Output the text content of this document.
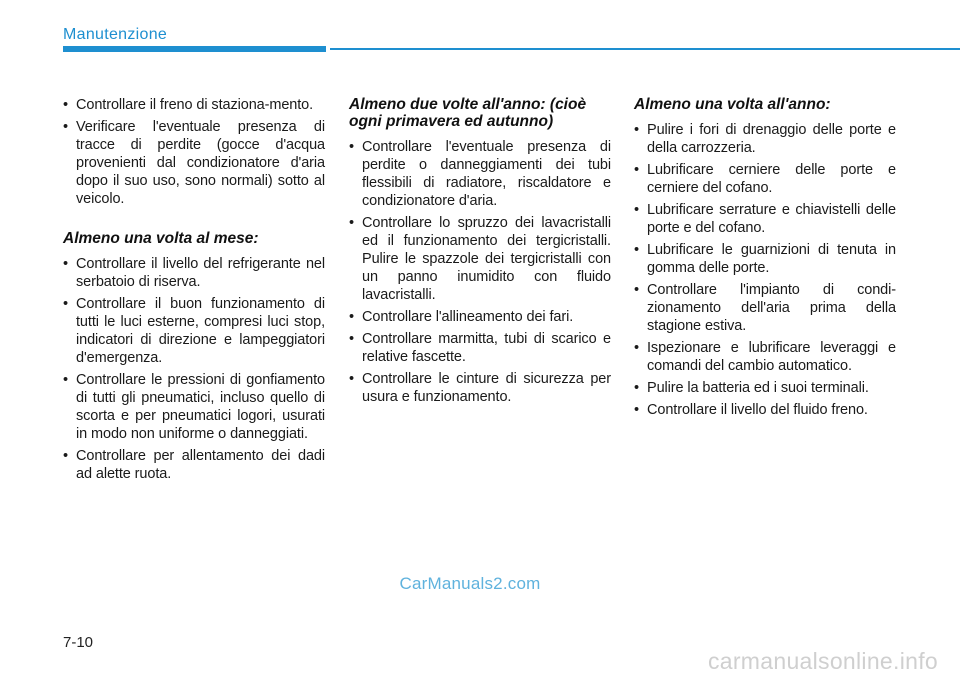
Manutenzione
• Controllare il freno di staziona-mento.
• Verificare l'eventuale presenza di tracce di perdite (gocce d'acqua provenienti dal condizionatore d'aria dopo il suo uso, sono normali) sotto al veicolo.
Almeno una volta al mese:
• Controllare il livello del refrigerante nel serbatoio di riserva.
• Controllare il buon funzionamento di tutti le luci esterne, compresi luci stop, indicatori di direzione e lampeggiatori d'emergenza.
• Controllare le pressioni di gonfiamento di tutti gli pneumatici, incluso quello di scorta e per pneumatici logori, usurati in modo non uniforme o danneggiati.
• Controllare per allentamento dei dadi ad alette ruota.
Almeno due volte all'anno: (cioè ogni primavera ed autunno)
• Controllare l'eventuale presenza di perdite o danneggiamenti dei tubi flessibili di radiatore, riscaldatore e condizionatore d'aria.
• Controllare lo spruzzo dei lavacristalli ed il funzionamento dei tergicristalli. Pulire le spazzole dei tergicristalli con un panno inumidito con fluido lavacristalli.
• Controllare l'allineamento dei fari.
• Controllare marmitta, tubi di scarico e relative fascette.
• Controllare le cinture di sicurezza per usura e funzionamento.
Almeno una volta all'anno:
• Pulire i fori di drenaggio delle porte e della carrozzeria.
• Lubrificare cerniere delle porte e cerniere del cofano.
• Lubrificare serrature e chiavistelli delle porte e del cofano.
• Lubrificare le guarnizioni di tenuta in gomma delle porte.
• Controllare l'impianto di condi-zionamento dell'aria prima della stagione estiva.
• Ispezionare e lubrificare leveraggi e comandi del cambio automatico.
• Pulire la batteria ed i suoi terminali.
• Controllare il livello del fluido freno.
CarManuals2.com
7-10
carmanualsonline.info
